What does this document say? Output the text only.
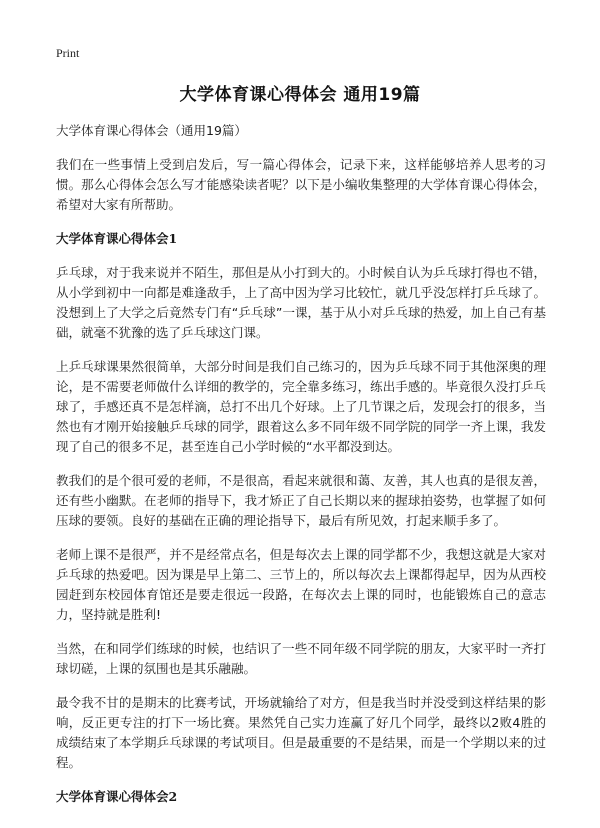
Print
大学体育课心得体会 通用19篇

大学体育课心得体会（通用19篇）

我们在一些事情上受到启发后，写一篇心得体会，记录下来，这样能够培养人思考的习惯。那么心得体会怎么写才能感染读者呢？以下是小编收集整理的大学体育课心得体会，希望对大家有所帮助。

大学体育课心得体会1

乒乓球，对于我来说并不陌生，那但是从小打到大的。小时候自认为乒乓球打得也不错，从小学到初中一向都是难逢敌手，上了高中因为学习比较忙，就几乎没怎样打乒乓球了。没想到上了大学之后竟然专门有“乒乓球”一课，基于从小对乒乓球的热爱，加上自己有基础，就毫不犹豫的选了乒乓球这门课。

上乒乓球课果然很简单，大部分时间是我们自己练习的，因为乒乓球不同于其他深奥的理论，是不需要老师做什么详细的教学的，完全靠多练习，练出手感的。毕竟很久没打乒乓球了，手感还真不是怎样滴，总打不出几个好球。上了几节课之后，发现会打的很多，当然也有才刚开始接触乒乓球的同学，跟着这么多不同年级不同学院的同学一齐上课，我发现了自己的很多不足，甚至连自己小学时候的“水平都没到达。

教我们的是个很可爱的老师，不是很高，看起来就很和蔼、友善，其人也真的是很友善，还有些小幽默。在老师的指导下，我才矫正了自己长期以来的握球拍姿势，也掌握了如何压球的要领。良好的基础在正确的理论指导下，最后有所见效，打起来顺手多了。

老师上课不是很严，并不是经常点名，但是每次去上课的同学都不少，我想这就是大家对乒乓球的热爱吧。因为课是早上第二、三节上的，所以每次去上课都得起早，因为从西校园赶到东校园体育馆还是要走很远一段路，在每次去上课的同时，也能锻炼自己的意志力，坚持就是胜利!

当然，在和同学们练球的时候，也结识了一些不同年级不同学院的朋友，大家平时一齐打球切磋，上课的氛围也是其乐融融。

最令我不甘的是期末的比赛考试，开场就输给了对方，但是我当时并没受到这样结果的影响，反正更专注的打下一场比赛。果然凭自己实力连赢了好几个同学，最终以2败4胜的成绩结束了本学期乒乓球课的考试项目。但是最重要的不是结果，而是一个学期以来的过程。

大学体育课心得体会2
